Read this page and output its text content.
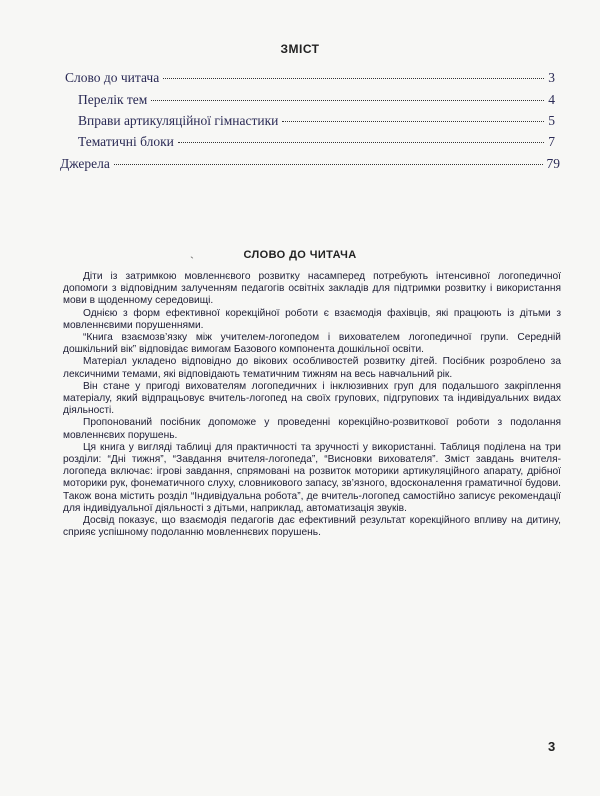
ЗМІСТ
Слово до читача	3
Перелік тем	4
Вправи артикуляційної гімнастики	5
Тематичні блоки	7
Джерела	79
ˎ	СЛОВО ДО ЧИТАЧА

Діти із затримкою мовленнєвого розвитку насамперед потребують інтенсивної логопедичної допомоги з відповідним залученням педагогів освітніх закладів для підтримки розвитку і використання мови в щоденному середовищі.

Однією з форм ефективної корекційної роботи є взаємодія фахівців, які працюють із дітьми з мовленнєвими порушеннями.

“Книга взаємозв’язку між учителем-логопедом і вихователем логопедичної групи. Середній дошкільний вік” відповідає вимогам Базового компонента дошкільної освіти.

Матеріал укладено відповідно до вікових особливостей розвитку дітей. Посібник розроблено за лексичними темами, які відповідають тематичним тижням на весь навчальний рік.

Він стане у пригоді вихователям логопедичних і інклюзивних груп для подальшого закріплення матеріалу, який відпрацьовує вчитель-логопед на своїх групових, підгрупових та індивідуальних видах діяльності.

Пропонований посібник допоможе у проведенні корекційно-розвиткової роботи з подолання мовленнєвих порушень.

Ця книга у вигляді таблиці для практичності та зручності у використанні. Таблиця поділена на три розділи: “Дні тижня”, “Завдання вчителя-логопеда”, “Висновки вихователя”. Зміст завдань вчителя-логопеда включає: ігрові завдання, спрямовані на розвиток моторики артикуляційного апарату, дрібної моторики рук, фонематичного слуху, словникового запасу, зв’язного, вдосконалення граматичної будови. Також вона містить розділ “Індивідуальна робота”, де вчитель-логопед самостійно записує рекомендації для індивідуальної діяльності з дітьми, наприклад, автоматизація звуків.

Досвід показує, що взаємодія педагогів дає ефективний результат корекційного впливу на дитину, сприяє успішному подоланню мовленнєвих порушень.

3
